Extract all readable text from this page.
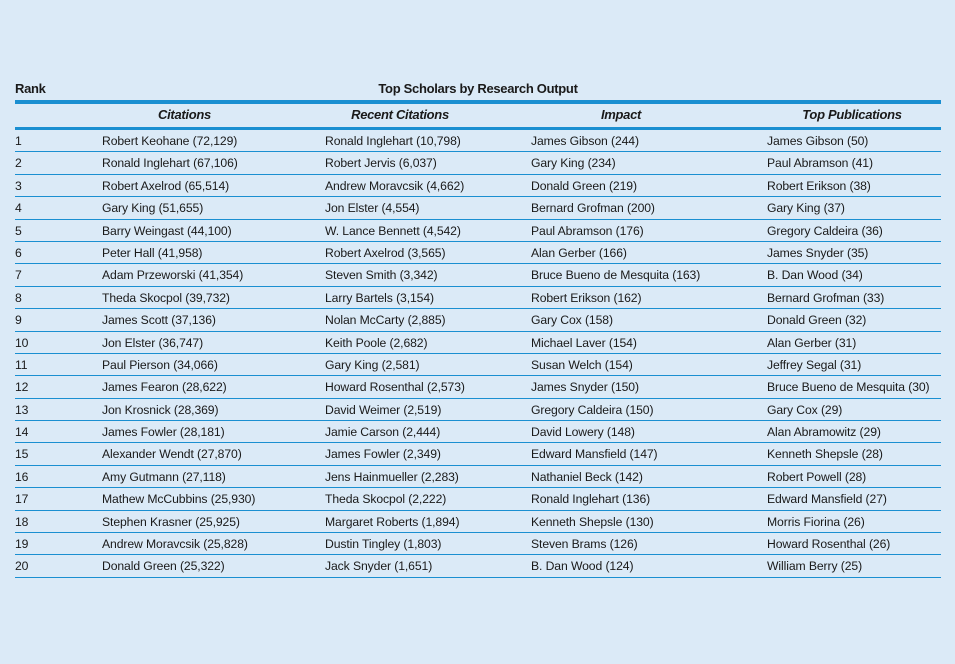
Rank	Top Scholars by Research Output
Citations	Recent Citations	Impact	Top Publications
1	Robert Keohane (72,129)	Ronald Inglehart (10,798)	James Gibson (244)	James Gibson (50)
2	Ronald Inglehart (67,106)	Robert Jervis (6,037)	Gary King (234)	Paul Abramson (41)
3	Robert Axelrod (65,514)	Andrew Moravcsik (4,662)	Donald Green (219)	Robert Erikson (38)
4	Gary King (51,655)	Jon Elster (4,554)	Bernard Grofman (200)	Gary King (37)
5	Barry Weingast (44,100)	W. Lance Bennett (4,542)	Paul Abramson (176)	Gregory Caldeira (36)
6	Peter Hall (41,958)	Robert Axelrod (3,565)	Alan Gerber (166)	James Snyder (35)
7	Adam Przeworski (41,354)	Steven Smith (3,342)	Bruce Bueno de Mesquita (163)	B. Dan Wood (34)
8	Theda Skocpol (39,732)	Larry Bartels (3,154)	Robert Erikson (162)	Bernard Grofman (33)
9	James Scott (37,136)	Nolan McCarty (2,885)	Gary Cox (158)	Donald Green (32)
10	Jon Elster (36,747)	Keith Poole (2,682)	Michael Laver (154)	Alan Gerber (31)
11	Paul Pierson (34,066)	Gary King (2,581)	Susan Welch (154)	Jeffrey Segal (31)
12	James Fearon (28,622)	Howard Rosenthal (2,573)	James Snyder (150)	Bruce Bueno de Mesquita (30)
13	Jon Krosnick (28,369)	David Weimer (2,519)	Gregory Caldeira (150)	Gary Cox (29)
14	James Fowler (28,181)	Jamie Carson (2,444)	David Lowery (148)	Alan Abramowitz (29)
15	Alexander Wendt (27,870)	James Fowler (2,349)	Edward Mansfield (147)	Kenneth Shepsle (28)
16	Amy Gutmann (27,118)	Jens Hainmueller (2,283)	Nathaniel Beck (142)	Robert Powell (28)
17	Mathew McCubbins (25,930)	Theda Skocpol (2,222)	Ronald Inglehart (136)	Edward Mansfield (27)
18	Stephen Krasner (25,925)	Margaret Roberts (1,894)	Kenneth Shepsle (130)	Morris Fiorina (26)
19	Andrew Moravcsik (25,828)	Dustin Tingley (1,803)	Steven Brams (126)	Howard Rosenthal (26)
20	Donald Green (25,322)	Jack Snyder (1,651)	B. Dan Wood (124)	William Berry (25)
